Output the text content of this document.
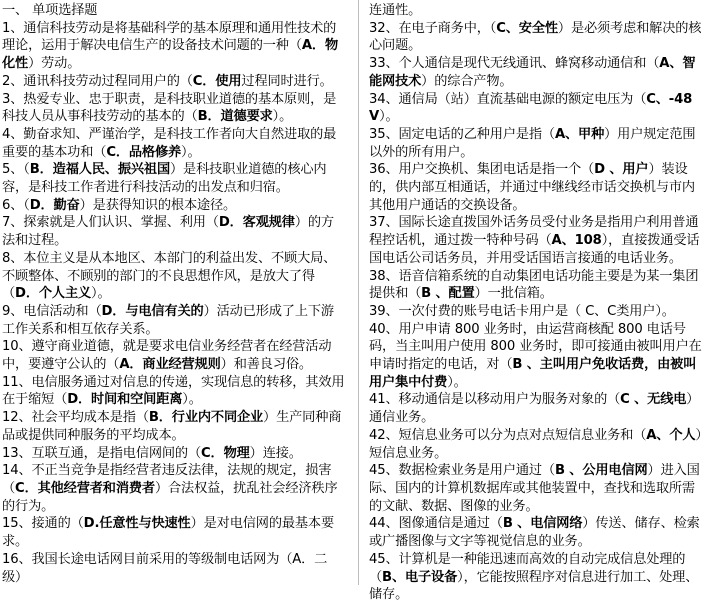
一、 单项选择题

1、通信科技劳动是将基础科学的基本原理和通用性技术的理论，运用于解决电信生产的设备技术问题的一种（A．物化性）劳动。

2、通讯科技劳动过程同用户的（C．使用过程同时进行。

3、热爱专业、忠于职责，是科技职业道德的基本原则，是科技人员从事科技劳动的基本的（B．道德要求）。

4、勤奋求知、严谨治学，是科技工作者向大自然进取的最重要的基本功和（C．品格修养）。

5、（B．造福人民、振兴祖国）是科技职业道德的核心内容，是科技工作者进行科技活动的出发点和归宿。

6、（D．勤奋）是获得知识的根本途径。

7、探索就是人们认识、掌握、利用（D．客观规律）的方法和过程。

8、本位主义是从本地区、本部门的利益出发、不顾大局、不顾整体、不顾别的部门的不良思想作风，是放大了得（D．个人主义）。

9、电信活动和（D．与电信有关的）活动已形成了上下游工作关系和相互依存关系。

10、遵守商业道德，就是要求电信业务经营者在经营活动中，要遵守公认的（A．商业经营规则）和善良习俗。

11、电信服务通过对信息的传递，实现信息的转移，其效用在于缩短（D．时间和空间距离）。

12、社会平均成本是指（B．行业内不同企业）生产同种商品或提供同种服务的平均成本。

13、互联互通，是指电信网间的（C．物理）连接。

14、不正当竞争是指经营者违反法律，法规的规定，损害（C．其他经营者和消费者）合法权益，扰乱社会经济秩序的行为。

15、接通的（D.任意性与快速性）是对电信网的最基本要求。

16、我国长途电话网目前采用的等级制电话网为（A．二级）

连通性。

32、在电子商务中，（C、安全性）是必须考虑和解决的核心问题。

33、个人通信是现代无线通讯、蜂窝移动通信和（A、智能网技术）的综合产物。

34、通信局（站）直流基础电源的额定电压为（C、-48V）。

35、固定电话的乙种用户是指（A、甲种）用户规定范围以外的所有用户。

36、用户交换机、集团电话是指一个（D 、用户）装设的，供内部互相通话，并通过中继线经市话交换机与市内其他用户通话的交换设备。

37、国际长途直拨国外话务员受付业务是指用户利用普通程控话机，通过拨一特种号码（A、108），直接拨通受话国电话公司话务员，并用受话国语言接通的电话业务。

38、语音信箱系统的自动集团电话功能主要是为某一集团提供和（B 、配置）一批信箱。

39、一次付费的账号电话卡用户是（ C、C类用户）。

40、用户申请 800 业务时，由运营商核配 800 电话号码，当主叫用户使用 800 业务时，即可接通由被叫用户在申请时指定的电话，对（B 、主叫用户免收话费，由被叫用户集中付费）。

41、移动通信是以移动用户为服务对象的（C 、无线电）通信业务。

42、短信息业务可以分为点对点短信息业务和（A、个人）短信息业务。

45、数据检索业务是用户通过（B 、公用电信网）进入国际、国内的计算机数据库或其他装置中，查找和选取所需的文献、数据、图像的业务。

44、图像通信是通过（B 、电信网络）传送、储存、检索或广播图像与文字等视觉信息的业务。

45、计算机是一种能迅速而高效的自动完成信息处理的（B、电子设备），它能按照程序对信息进行加工、处理、储存。
